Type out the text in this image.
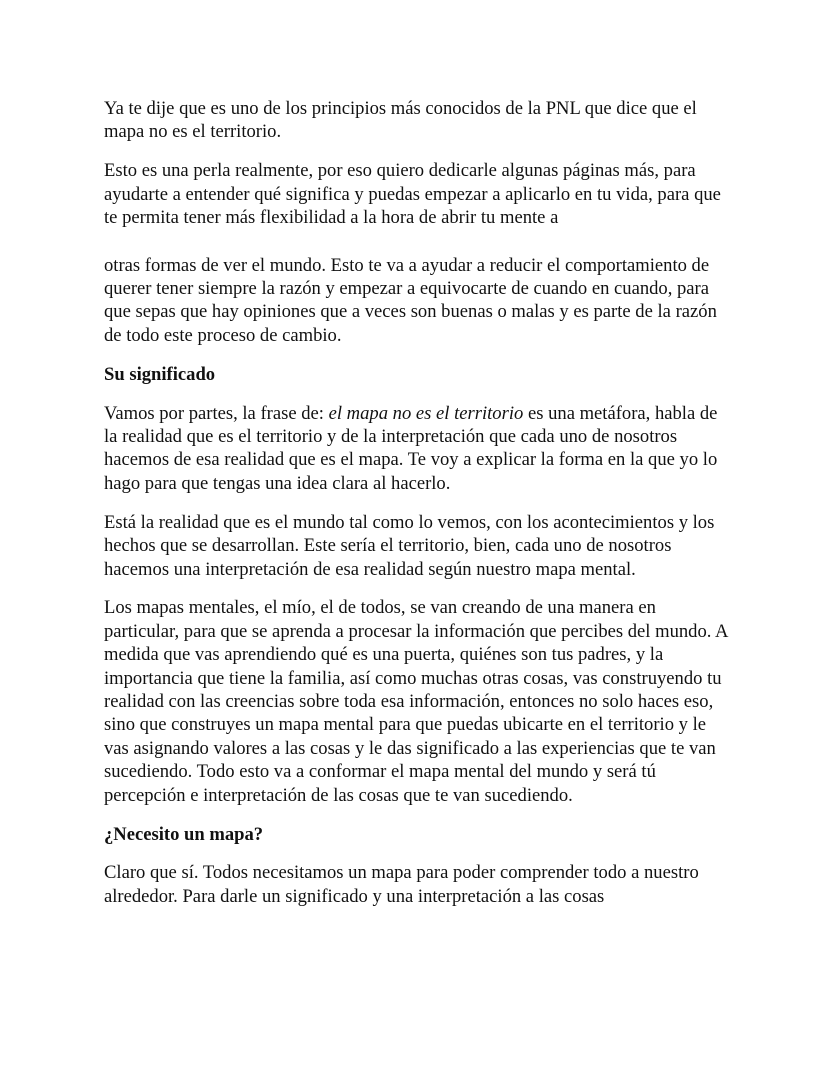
Ya te dije que es uno de los principios más conocidos de la PNL que dice que el mapa no es el territorio.

Esto es una perla realmente, por eso quiero dedicarle algunas páginas más, para ayudarte a entender qué significa y puedas empezar a aplicarlo en tu vida, para que te permita tener más flexibilidad a la hora de abrir tu mente a

otras formas de ver el mundo. Esto te va a ayudar a reducir el comportamiento de querer tener siempre la razón y empezar a equivocarte de cuando en cuando, para que sepas que hay opiniones que a veces son buenas o malas y es parte de la razón de todo este proceso de cambio.

Su significado

Vamos por partes, la frase de: el mapa no es el territorio es una metáfora, habla de la realidad que es el territorio y de la interpretación que cada uno de nosotros hacemos de esa realidad que es el mapa. Te voy a explicar la forma en la que yo lo hago para que tengas una idea clara al hacerlo.

Está la realidad que es el mundo tal como lo vemos, con los acontecimientos y los hechos que se desarrollan. Este sería el territorio, bien, cada uno de nosotros hacemos una interpretación de esa realidad según nuestro mapa mental.

Los mapas mentales, el mío, el de todos, se van creando de una manera en particular, para que se aprenda a procesar la información que percibes del mundo. A medida que vas aprendiendo qué es una puerta, quiénes son tus padres, y la importancia que tiene la familia, así como muchas otras cosas, vas construyendo tu realidad con las creencias sobre toda esa información, entonces no solo haces eso, sino que construyes un mapa mental para que puedas ubicarte en el territorio y le vas asignando valores a las cosas y le das significado a las experiencias que te van sucediendo. Todo esto va a conformar el mapa mental del mundo y será tú percepción e interpretación de las cosas que te van sucediendo.

¿Necesito un mapa?

Claro que sí. Todos necesitamos un mapa para poder comprender todo a nuestro alrededor. Para darle un significado y una interpretación a las cosas
